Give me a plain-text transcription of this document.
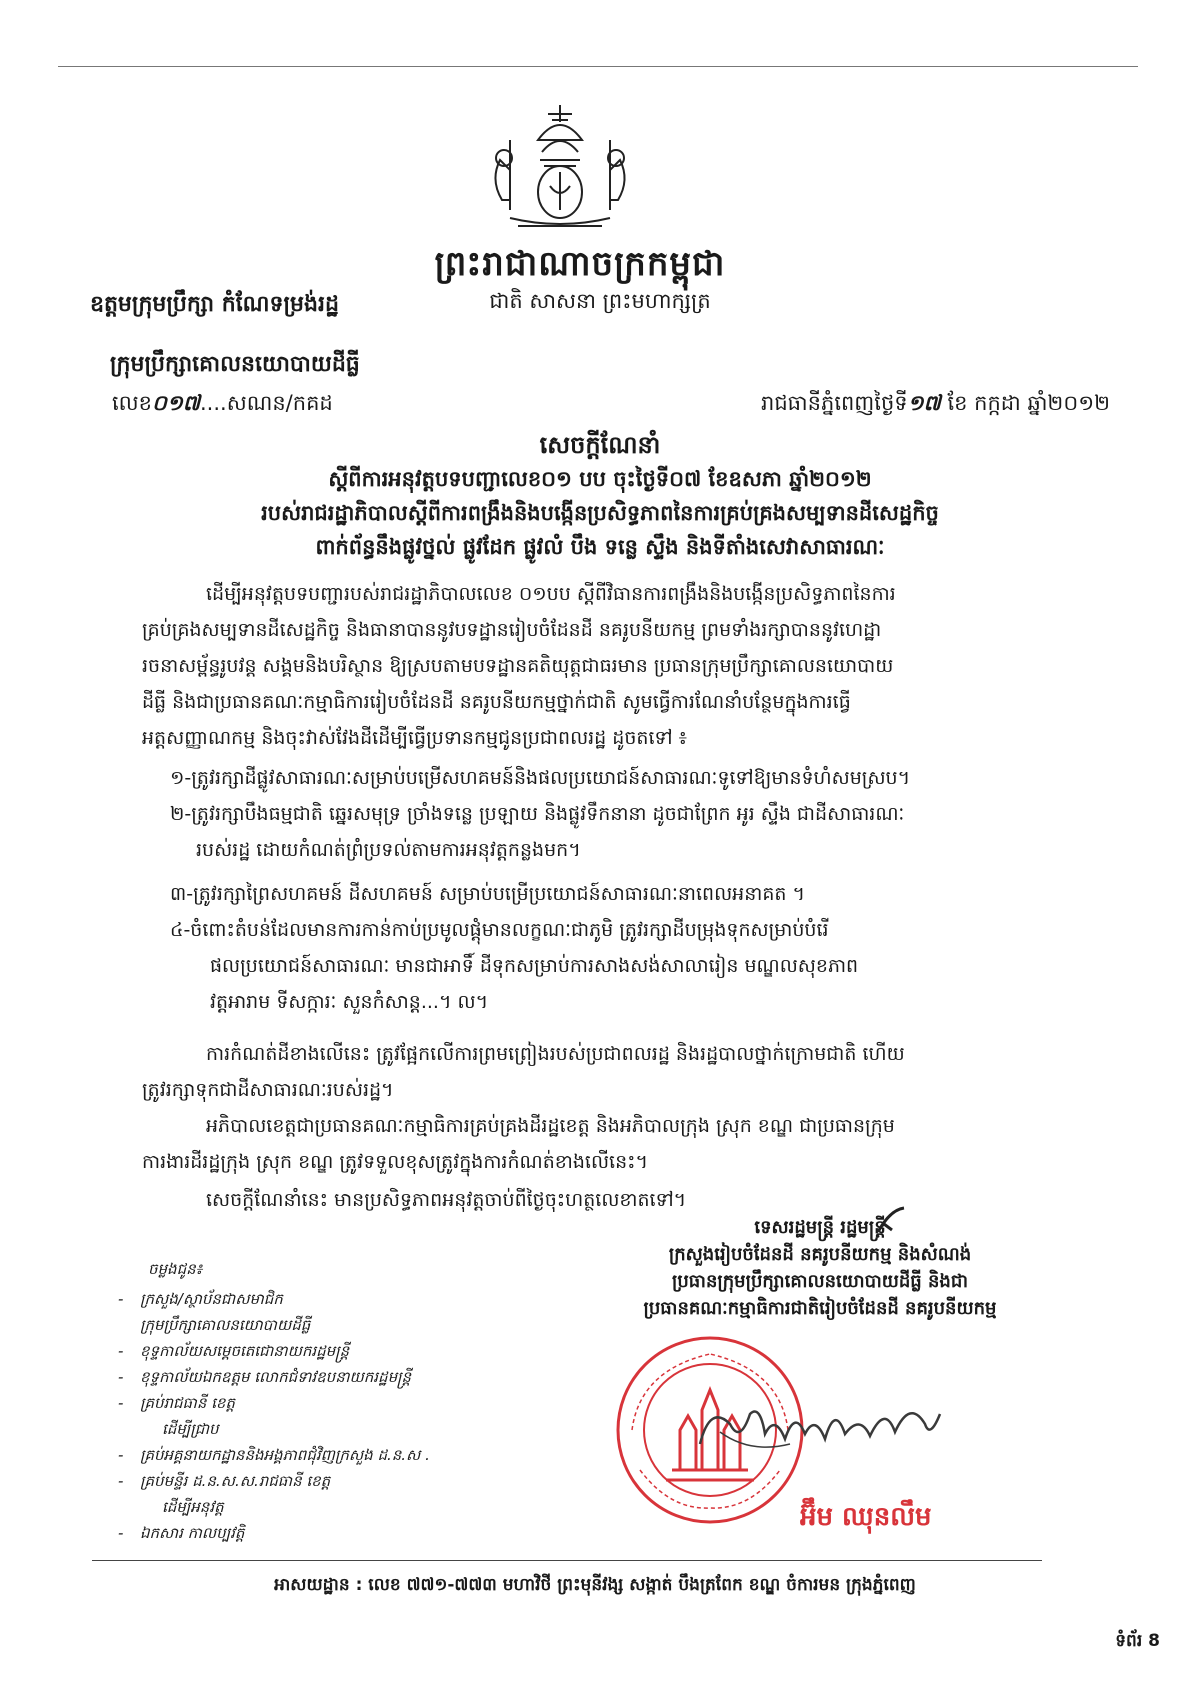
ព្រះរាជាណាចក្រកម្ពុជា
ជាតិ សាសនា ព្រះមហាក្សត្រ
ឧត្តមក្រុមប្រឹក្សា កំណែទម្រង់រដ្ឋ
ក្រុមប្រឹក្សាគោលនយោបាយដីធ្លី
លេខ០១៧....សណន/កគដ	រាជធានីភ្នំពេញថ្ងៃទី១៧ ខែ កក្កដា ឆ្នាំ២០១២
សេចក្តីណែនាំ
ស្តីពីការអនុវត្តបទបញ្ជាលេខ០១ បប ចុះថ្ងៃទី០៧ ខែឧសភា ឆ្នាំ២០១២
របស់រាជរដ្ឋាភិបាលស្តីពីការពង្រឹងនិងបង្កើនប្រសិទ្ធភាពនៃការគ្រប់គ្រងសម្បទានដីសេដ្ឋកិច្ច
ពាក់ព័ន្ធនឹងផ្លូវថ្នល់ ផ្លូវដែក ផ្លូវលំ បឹង ទន្លេ ស្ទឹង និងទីតាំងសេវាសាធារណៈ
ដើម្បីអនុវត្តបទបញ្ជារបស់រាជរដ្ឋាភិបាលលេខ ០១បប ស្តីពីវិធានការពង្រឹងនិងបង្កើនប្រសិទ្ធភាពនៃការ
គ្រប់គ្រងសម្បទានដីសេដ្ឋកិច្ច និងធានាបាននូវបទដ្ឋានរៀបចំដែនដី នគរូបនីយកម្ម ព្រមទាំងរក្សាបាននូវហេដ្ឋា
រចនាសម្ព័ន្ធរូបវន្ត សង្គមនិងបរិស្ថាន ឱ្យស្របតាមបទដ្ឋានគតិយុត្តជាធរមាន ប្រធានក្រុមប្រឹក្សាគោលនយោបាយ
ដីធ្លី និងជាប្រធានគណៈកម្មាធិការរៀបចំដែនដី នគរូបនីយកម្មថ្នាក់ជាតិ សូមធ្វើការណែនាំបន្ថែមក្នុងការធ្វើ
អត្តសញ្ញាណកម្ម និងចុះវាស់វែងដីដើម្បីធ្វើប្រទានកម្មជូនប្រជាពលរដ្ឋ ដូចតទៅ ៖
១-ត្រូវរក្សាដីផ្លូវសាធារណៈសម្រាប់បម្រើសហគមន៍និងផលប្រយោជន៍សាធារណៈទូទៅឱ្យមានទំហំសមស្រប។
២-ត្រូវរក្សាបឹងធម្មជាតិ ឆ្នេរសមុទ្រ ច្រាំងទន្លេ ប្រឡាយ និងផ្លូវទឹកនានា ដូចជាព្រែក អូរ ស្ទឹង ជាដីសាធារណៈ
របស់រដ្ឋ ដោយកំណត់ព្រំប្រទល់តាមការអនុវត្តកន្លងមក។
៣-ត្រូវរក្សាព្រៃសហគមន៍ ដីសហគមន៍ សម្រាប់បម្រើប្រយោជន៍សាធារណៈនាពេលអនាគត ។
៤-ចំពោះតំបន់ដែលមានការកាន់កាប់ប្រមូលផ្តុំមានលក្ខណៈជាភូមិ ត្រូវរក្សាដីបម្រុងទុកសម្រាប់បំរើ
ផលប្រយោជន៍សាធារណៈ មានជាអាទិ៍ ដីទុកសម្រាប់ការសាងសង់សាលារៀន មណ្ឌលសុខភាព
វត្តអារាម ទីសក្ការៈ សួនកំសាន្ត...។ ល។
ការកំណត់ដីខាងលើនេះ ត្រូវផ្អែកលើការព្រមព្រៀងរបស់ប្រជាពលរដ្ឋ និងរដ្ឋបាលថ្នាក់ក្រោមជាតិ ហើយ
ត្រូវរក្សាទុកជាដីសាធារណៈរបស់រដ្ឋ។
អភិបាលខេត្តជាប្រធានគណៈកម្មាធិការគ្រប់គ្រងដីរដ្ឋខេត្ត និងអភិបាលក្រុង ស្រុក ខណ្ឌ ជាប្រធានក្រុម
ការងារដីរដ្ឋក្រុង ស្រុក ខណ្ឌ ត្រូវទទួលខុសត្រូវក្នុងការកំណត់ខាងលើនេះ។
សេចក្តីណែនាំនេះ មានប្រសិទ្ធភាពអនុវត្តចាប់ពីថ្ងៃចុះហត្ថលេខាតទៅ។
ចម្លងជូន៖
- ក្រសួង/ស្ថាប័នជាសមាជិក
ក្រុមប្រឹក្សាគោលនយោបាយដីធ្លី
- ខុទ្ទកាល័យសម្តេចតេជោនាយករដ្ឋមន្ត្រី
- ខុទ្ទកាល័យឯកឧត្តម លោកជំទាវឧបនាយករដ្ឋមន្ត្រី
- គ្រប់រាជធានី ខេត្ត
ដើម្បីជ្រាប
- គ្រប់អគ្គនាយកដ្ឋាននិងអង្គភាពជុំវិញក្រសួង ដ.ន.ស .
- គ្រប់មន្ទីរ ដ.ន.ស.ស.រាជធានី ខេត្ត
ដើម្បីអនុវត្ត
- ឯកសារ កាលប្បវត្តិ
ទេសរដ្ឋមន្ត្រី រដ្ឋមន្ត្រី
ក្រសួងរៀបចំដែនដី នគរូបនីយកម្ម និងសំណង់
ប្រធានក្រុមប្រឹក្សាគោលនយោបាយដីធ្លី និងជា
ប្រធានគណៈកម្មាធិការជាតិរៀបចំដែនដី នគរូបនីយកម្ម
អ៊ឹម ឈុនលឹម
អាសយដ្ឋាន : លេខ ៧៧១-៧៧៣ មហាវិថី ព្រះមុនីវង្ស សង្កាត់ បឹងត្រពែក ខណ្ឌ ចំការមន ក្រុងភ្នំពេញ
ទំព័រ 8
